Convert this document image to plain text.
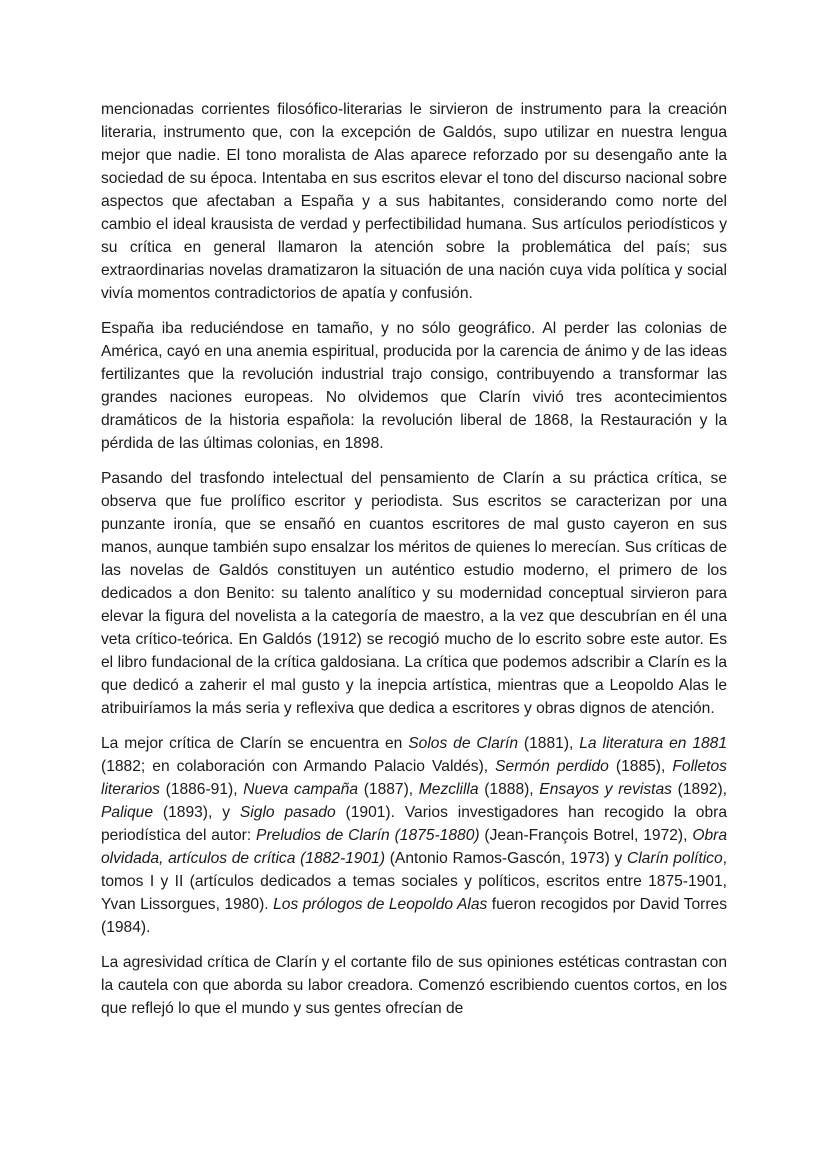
mencionadas corrientes filosófico-literarias le sirvieron de instrumento para la creación literaria, instrumento que, con la excepción de Galdós, supo utilizar en nuestra lengua mejor que nadie. El tono moralista de Alas aparece reforzado por su desengaño ante la sociedad de su época. Intentaba en sus escritos elevar el tono del discurso nacional sobre aspectos que afectaban a España y a sus habitantes, considerando como norte del cambio el ideal krausista de verdad y perfectibilidad humana. Sus artículos periodísticos y su crítica en general llamaron la atención sobre la problemática del país; sus extraordinarias novelas dramatizaron la situación de una nación cuya vida política y social vivía momentos contradictorios de apatía y confusión.

España iba reduciéndose en tamaño, y no sólo geográfico. Al perder las colonias de América, cayó en una anemia espiritual, producida por la carencia de ánimo y de las ideas fertilizantes que la revolución industrial trajo consigo, contribuyendo a transformar las grandes naciones europeas. No olvidemos que Clarín vivió tres acontecimientos dramáticos de la historia española: la revolución liberal de 1868, la Restauración y la pérdida de las últimas colonias, en 1898.

Pasando del trasfondo intelectual del pensamiento de Clarín a su práctica crítica, se observa que fue prolífico escritor y periodista. Sus escritos se caracterizan por una punzante ironía, que se ensañó en cuantos escritores de mal gusto cayeron en sus manos, aunque también supo ensalzar los méritos de quienes lo merecían. Sus críticas de las novelas de Galdós constituyen un auténtico estudio moderno, el primero de los dedicados a don Benito: su talento analítico y su modernidad conceptual sirvieron para elevar la figura del novelista a la categoría de maestro, a la vez que descubrían en él una veta crítico-teórica. En Galdós (1912) se recogió mucho de lo escrito sobre este autor. Es el libro fundacional de la crítica galdosiana. La crítica que podemos adscribir a Clarín es la que dedicó a zaherir el mal gusto y la inepcia artística, mientras que a Leopoldo Alas le atribuiríamos la más seria y reflexiva que dedica a escritores y obras dignos de atención.

La mejor crítica de Clarín se encuentra en Solos de Clarín (1881), La literatura en 1881 (1882; en colaboración con Armando Palacio Valdés), Sermón perdido (1885), Folletos literarios (1886-91), Nueva campaña (1887), Mezclilla (1888), Ensayos y revistas (1892), Palique (1893), y Siglo pasado (1901). Varios investigadores han recogido la obra periodística del autor: Preludios de Clarín (1875-1880) (Jean-François Botrel, 1972), Obra olvidada, artículos de crítica (1882-1901) (Antonio Ramos-Gascón, 1973) y Clarín político, tomos I y II (artículos dedicados a temas sociales y políticos, escritos entre 1875-1901, Yvan Lissorgues, 1980). Los prólogos de Leopoldo Alas fueron recogidos por David Torres (1984).

La agresividad crítica de Clarín y el cortante filo de sus opiniones estéticas contrastan con la cautela con que aborda su labor creadora. Comenzó escribiendo cuentos cortos, en los que reflejó lo que el mundo y sus gentes ofrecían de
